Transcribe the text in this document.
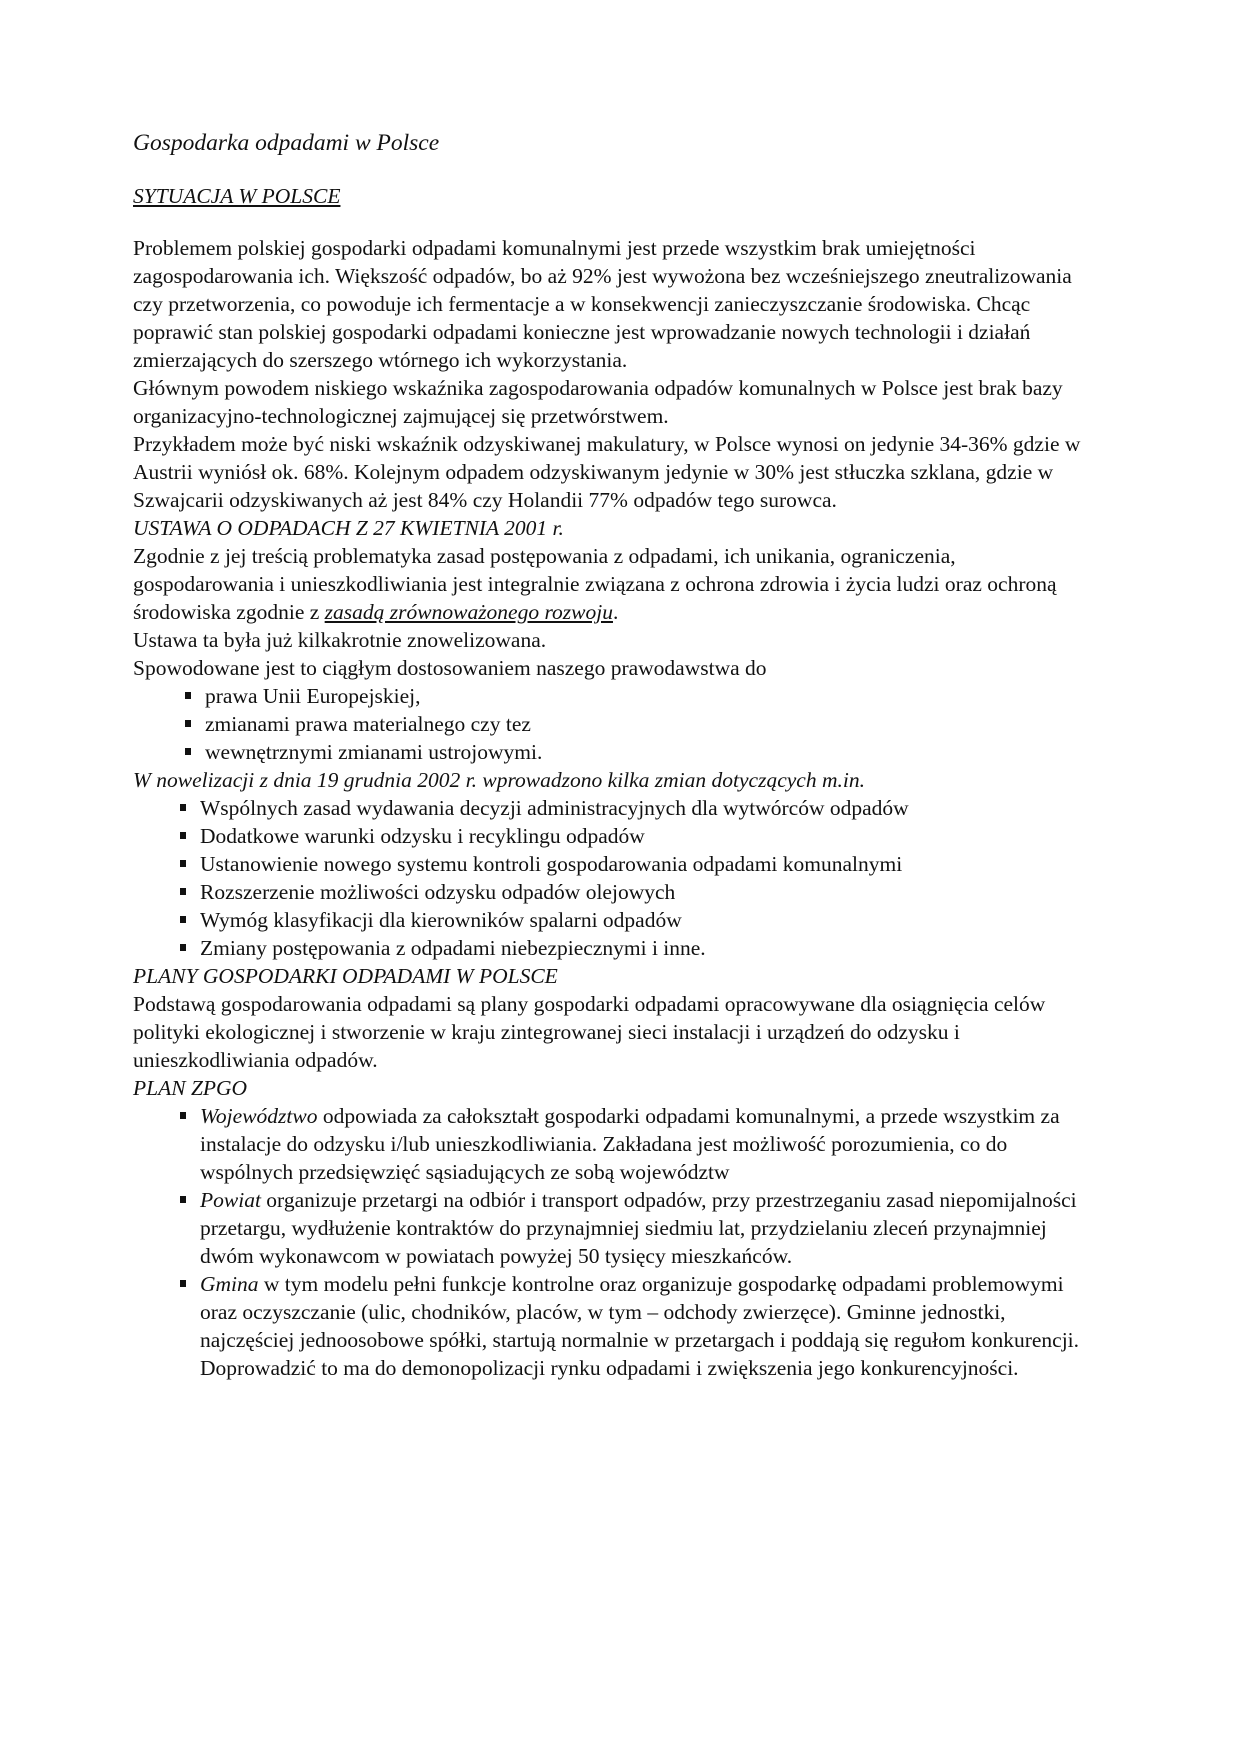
Gospodarka odpadami w Polsce
SYTUACJA W POLSCE

Problemem polskiej gospodarki odpadami komunalnymi jest przede wszystkim brak umiejętności zagospodarowania ich. Większość odpadów, bo aż 92% jest wywożona bez wcześniejszego zneutralizowania czy przetworzenia, co powoduje ich fermentacje a w konsekwencji zanieczyszczanie środowiska. Chcąc poprawić stan polskiej gospodarki odpadami konieczne jest wprowadzanie nowych technologii i działań zmierzających do szerszego wtórnego ich wykorzystania.

Głównym powodem niskiego wskaźnika zagospodarowania odpadów komunalnych w Polsce jest brak bazy organizacyjno-technologicznej zajmującej się przetwórstwem.

Przykładem może być niski wskaźnik odzyskiwanej makulatury, w Polsce wynosi on jedynie 34-36% gdzie w Austrii wyniósł ok. 68%. Kolejnym odpadem odzyskiwanym jedynie w 30% jest stłuczka szklana, gdzie w Szwajcarii odzyskiwanych aż jest 84% czy Holandii 77% odpadów tego surowca.

USTAWA O ODPADACH Z 27 KWIETNIA 2001 r.

Zgodnie z jej treścią problematyka zasad postępowania z odpadami, ich unikania, ograniczenia, gospodarowania i unieszkodliwiania jest integralnie związana z ochrona zdrowia i życia ludzi oraz ochroną środowiska zgodnie z zasadą zrównoważonego rozwoju.

Ustawa ta była już kilkakrotnie znowelizowana.

Spowodowane jest to ciągłym dostosowaniem naszego prawodawstwa do

prawa Unii Europejskiej,
zmianami prawa materialnego czy tez
wewnętrznymi zmianami ustrojowymi.

W nowelizacji z dnia 19 grudnia 2002 r. wprowadzono kilka zmian dotyczących m.in.

Wspólnych zasad wydawania decyzji administracyjnych dla wytwórców odpadów
Dodatkowe warunki odzysku i recyklingu odpadów
Ustanowienie nowego systemu kontroli gospodarowania odpadami komunalnymi
Rozszerzenie możliwości odzysku odpadów olejowych
Wymóg klasyfikacji dla kierowników spalarni odpadów
Zmiany postępowania z odpadami niebezpiecznymi i inne.
PLANY GOSPODARKI ODPADAMI W POLSCE

Podstawą gospodarowania odpadami są plany gospodarki odpadami opracowywane dla osiągnięcia celów polityki ekologicznej i stworzenie w kraju zintegrowanej sieci instalacji i urządzeń do odzysku i unieszkodliwiania odpadów.

PLAN ZPGO
Województwo odpowiada za całokształt gospodarki odpadami komunalnymi, a przede wszystkim za instalacje do odzysku i/lub unieszkodliwiania. Zakładana jest możliwość porozumienia, co do wspólnych przedsięwzięć sąsiadujących ze sobą województw
Powiat organizuje przetargi na odbiór i transport odpadów, przy przestrzeganiu zasad niepomijalności przetargu, wydłużenie kontraktów do przynajmniej siedmiu lat, przydzielaniu zleceń przynajmniej dwóm wykonawcom w powiatach powyżej 50 tysięcy mieszkańców.
Gmina w tym modelu pełni funkcje kontrolne oraz organizuje gospodarkę odpadami problemowymi oraz oczyszczanie (ulic, chodników, placów, w tym – odchody zwierzęce). Gminne jednostki, najczęściej jednoosobowe spółki, startują normalnie w przetargach i poddają się regułom konkurencji. Doprowadzić to ma do demonopolizacji rynku odpadami i zwiększenia jego konkurencyjności.
